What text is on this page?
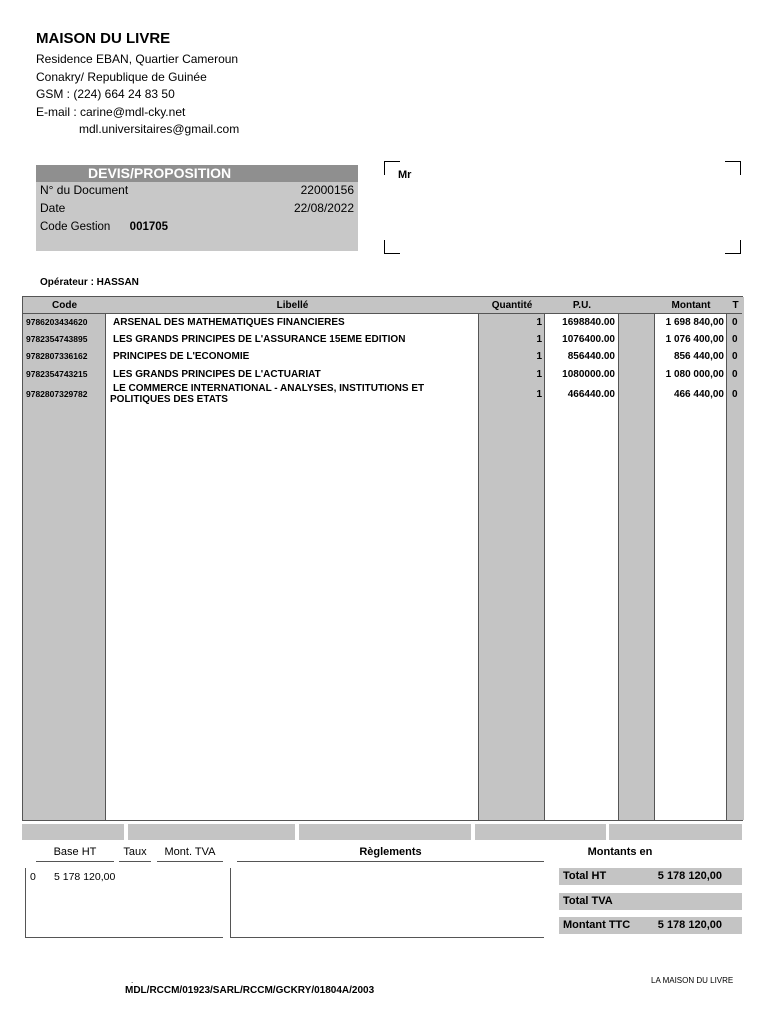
MAISON DU LIVRE
Residence EBAN, Quartier Cameroun
Conakry/ Republique de Guinée
GSM : (224) 664 24 83 50
E-mail : carine@mdl-cky.net
mdl.universitaires@gmail.com
DEVIS/PROPOSITION
N° du Document	22000156
Date	22/08/2022
Code Gestion 001705
Mr
Opérateur : HASSAN
Code	Libellé	Quantité	P.U.	Montant	T
9786203434620	ARSENAL DES MATHEMATIQUES FINANCIERES	1	1698840.00	1 698 840,00 0
9782354743895	LES GRANDS PRINCIPES DE L'ASSURANCE 15EME EDITION	1	1076400.00	1 076 400,00 0
9782807336162	PRINCIPES DE L'ECONOMIE	1	856440.00	856 440,00 0
9782354743215	LES GRANDS PRINCIPES DE L'ACTUARIAT	1	1080000.00	1 080 000,00 0
9782807329782	LE COMMERCE INTERNATIONAL - ANALYSES, INSTITUTIONS ET
POLITIQUES DES ETATS	1	466440.00	466 440,00 0
Base HT	Taux	Mont. TVA	Règlements	Montants en
0 5 178 120,00	Total HT	5 178 120,00
Total TVA
Montant TTC	5 178 120,00
.
MDL/RCCM/01923/SARL/RCCM/GCKRY/01804A/2003
LA MAISON DU LIVRE
